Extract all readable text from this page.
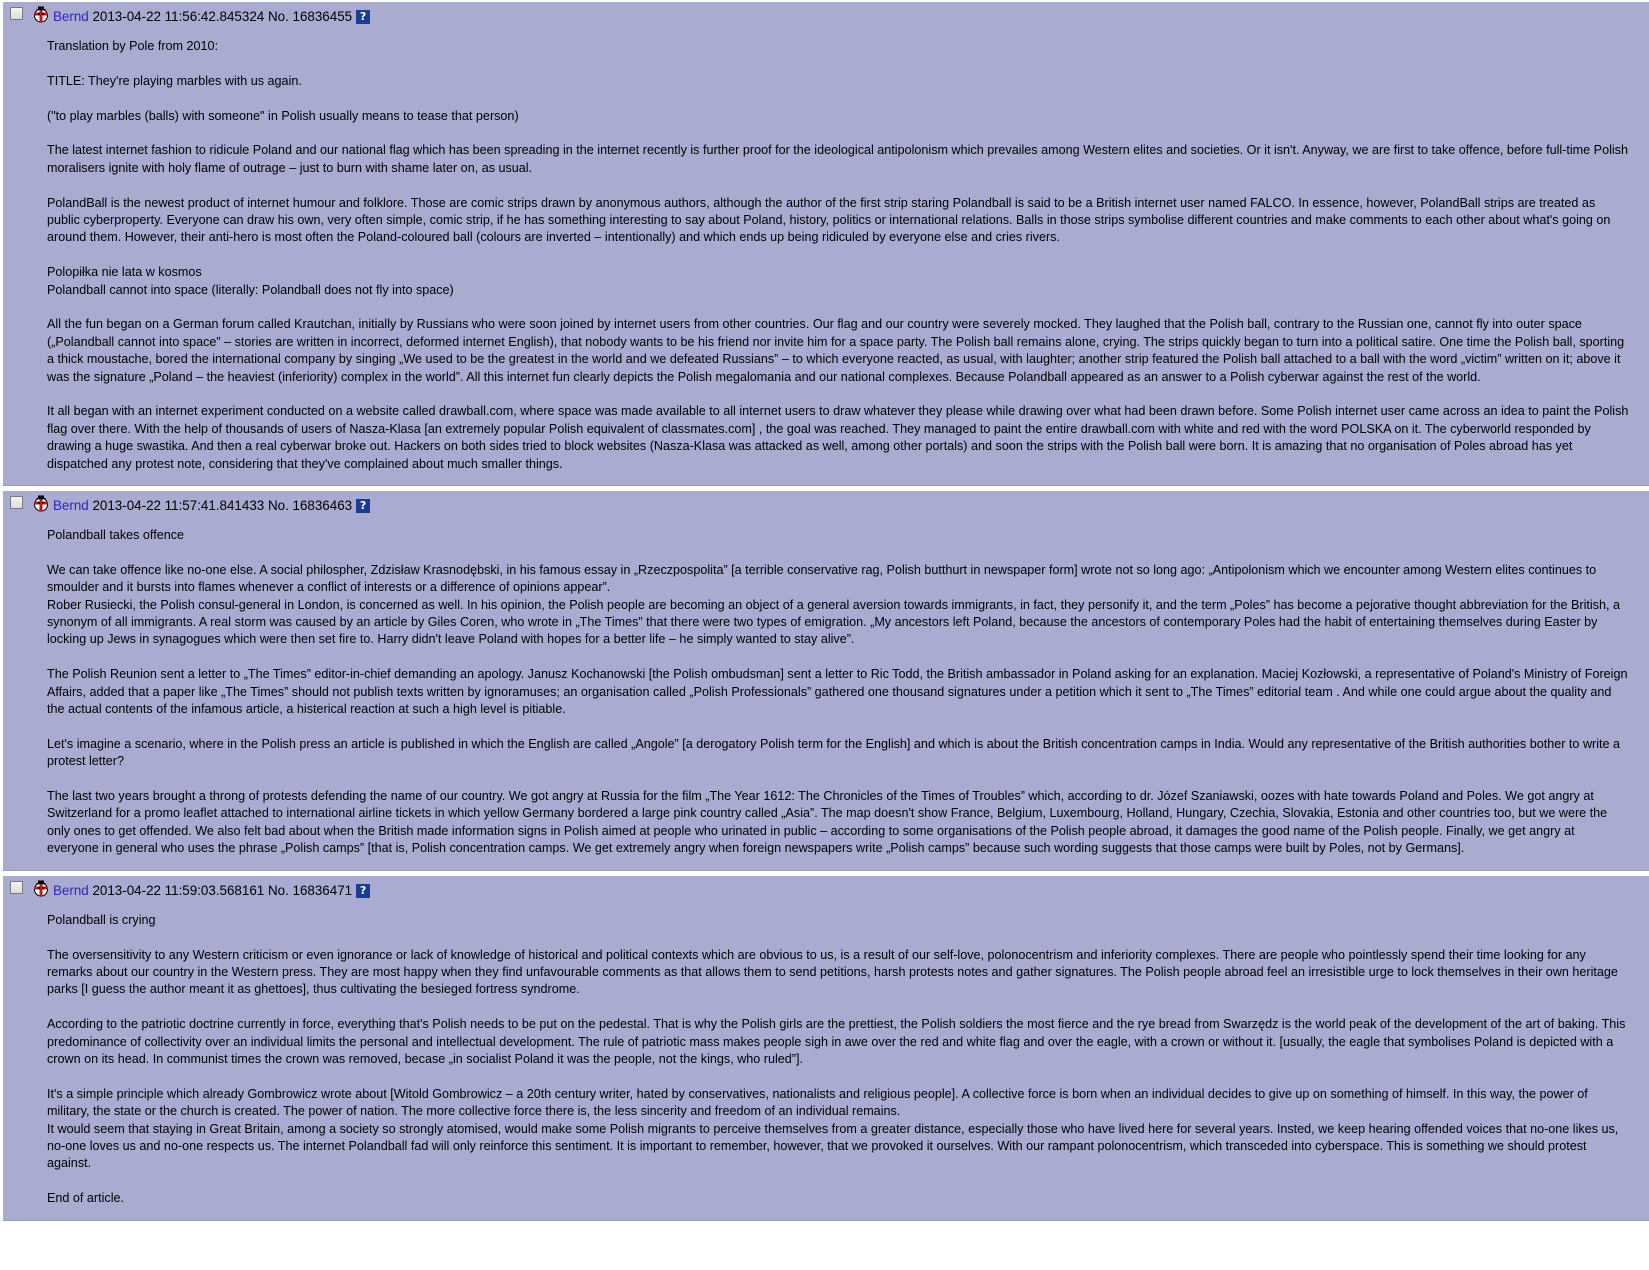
Bernd 2013-04-22 11:56:42.845324 No. 16836455 ?

Translation by Pole from 2010:

TITLE: They're playing marbles with us again.

("to play marbles (balls) with someone" in Polish usually means to tease that person)

The latest internet fashion to ridicule Poland and our national flag which has been spreading in the internet recently is further proof for the ideological antipolonism which prevailes among Western elites and societies. Or it isn't. Anyway, we are first to take offence, before full-time Polish moralisers ignite with holy flame of outrage – just to burn with shame later on, as usual.

PolandBall is the newest product of internet humour and folklore. Those are comic strips drawn by anonymous authors, although the author of the first strip staring Polandball is said to be a British internet user named FALCO. In essence, however, PolandBall strips are treated as public cyberproperty. Everyone can draw his own, very often simple, comic strip, if he has something interesting to say about Poland, history, politics or international relations. Balls in those strips symbolise different countries and make comments to each other about what's going on around them. However, their anti-hero is most often the Poland-coloured ball (colours are inverted – intentionally) and which ends up being ridiculed by everyone else and cries rivers.

Polopiłka nie lata w kosmos
Polandball cannot into space (literally: Polandball does not fly into space)

All the fun began on a German forum called Krautchan, initially by Russians who were soon joined by internet users from other countries. Our flag and our country were severely mocked. They laughed that the Polish ball, contrary to the Russian one, cannot fly into outer space („Polandball cannot into space” – stories are written in incorrect, deformed internet English), that nobody wants to be his friend nor invite him for a space party. The Polish ball remains alone, crying. The strips quickly began to turn into a political satire. One time the Polish ball, sporting a thick moustache, bored the international company by singing „We used to be the greatest in the world and we defeated Russians” – to which everyone reacted, as usual, with laughter; another strip featured the Polish ball attached to a ball with the word „victim” written on it; above it was the signature „Poland – the heaviest (inferiority) complex in the world”. All this internet fun clearly depicts the Polish megalomania and our national complexes. Because Polandball appeared as an answer to a Polish cyberwar against the rest of the world.

It all began with an internet experiment conducted on a website called drawball.com, where space was made available to all internet users to draw whatever they please while drawing over what had been drawn before. Some Polish internet user came across an idea to paint the Polish flag over there. With the help of thousands of users of Nasza-Klasa [an extremely popular Polish equivalent of classmates.com] , the goal was reached. They managed to paint the entire drawball.com with white and red with the word POLSKA on it. The cyberworld responded by drawing a huge swastika. And then a real cyberwar broke out. Hackers on both sides tried to block websites (Nasza-Klasa was attacked as well, among other portals) and soon the strips with the Polish ball were born. It is amazing that no organisation of Poles abroad has yet dispatched any protest note, considering that they've complained about much smaller things.

Bernd 2013-04-22 11:57:41.841433 No. 16836463 ?

Polandball takes offence

We can take offence like no-one else. A social philospher, Zdzisław Krasnodębski, in his famous essay in „Rzeczpospolita” [a terrible conservative rag, Polish butthurt in newspaper form] wrote not so long ago: „Antipolonism which we encounter among Western elites continues to smoulder and it bursts into flames whenever a conflict of interests or a difference of opinions appear”.
Rober Rusiecki, the Polish consul-general in London, is concerned as well. In his opinion, the Polish people are becoming an object of a general aversion towards immigrants, in fact, they personify it, and the term „Poles” has become a pejorative thought abbreviation for the British, a synonym of all immigrants. A real storm was caused by an article by Giles Coren, who wrote in „The Times” that there were two types of emigration. „My ancestors left Poland, because the ancestors of contemporary Poles had the habit of entertaining themselves during Easter by locking up Jews in synagogues which were then set fire to. Harry didn't leave Poland with hopes for a better life – he simply wanted to stay alive”.

The Polish Reunion sent a letter to „The Times” editor-in-chief demanding an apology. Janusz Kochanowski [the Polish ombudsman] sent a letter to Ric Todd, the British ambassador in Poland asking for an explanation. Maciej Kozłowski, a representative of Poland's Ministry of Foreign Affairs, added that a paper like „The Times” should not publish texts written by ignoramuses; an organisation called „Polish Professionals” gathered one thousand signatures under a petition which it sent to „The Times” editorial team . And while one could argue about the quality and the actual contents of the infamous article, a histerical reaction at such a high level is pitiable.

Let's imagine a scenario, where in the Polish press an article is published in which the English are called „Angole” [a derogatory Polish term for the English] and which is about the British concentration camps in India. Would any representative of the British authorities bother to write a protest letter?

The last two years brought a throng of protests defending the name of our country. We got angry at Russia for the film „The Year 1612: The Chronicles of the Times of Troubles” which, according to dr. Józef Szaniawski, oozes with hate towards Poland and Poles. We got angry at Switzerland for a promo leaflet attached to international airline tickets in which yellow Germany bordered a large pink country called „Asia”. The map doesn't show France, Belgium, Luxembourg, Holland, Hungary, Czechia, Slovakia, Estonia and other countries too, but we were the only ones to get offended. We also felt bad about when the British made information signs in Polish aimed at people who urinated in public – according to some organisations of the Polish people abroad, it damages the good name of the Polish people. Finally, we get angry at everyone in general who uses the phrase „Polish camps” [that is, Polish concentration camps. We get extremely angry when foreign newspapers write „Polish camps” because such wording suggests that those camps were built by Poles, not by Germans].

Bernd 2013-04-22 11:59:03.568161 No. 16836471 ?

Polandball is crying

The oversensitivity to any Western criticism or even ignorance or lack of knowledge of historical and political contexts which are obvious to us, is a result of our self-love, polonocentrism and inferiority complexes. There are people who pointlessly spend their time looking for any remarks about our country in the Western press. They are most happy when they find unfavourable comments as that allows them to send petitions, harsh protests notes and gather signatures. The Polish people abroad feel an irresistible urge to lock themselves in their own heritage parks [I guess the author meant it as ghettoes], thus cultivating the besieged fortress syndrome.

According to the patriotic doctrine currently in force, everything that's Polish needs to be put on the pedestal. That is why the Polish girls are the prettiest, the Polish soldiers the most fierce and the rye bread from Swarzędz is the world peak of the development of the art of baking. This predominance of collectivity over an individual limits the personal and intellectual development. The rule of patriotic mass makes people sigh in awe over the red and white flag and over the eagle, with a crown or without it. [usually, the eagle that symbolises Poland is depicted with a crown on its head. In communist times the crown was removed, becase „in socialist Poland it was the people, not the kings, who ruled”].

It's a simple principle which already Gombrowicz wrote about [Witold Gombrowicz – a 20th century writer, hated by conservatives, nationalists and religious people]. A collective force is born when an individual decides to give up on something of himself. In this way, the power of military, the state or the church is created. The power of nation. The more collective force there is, the less sincerity and freedom of an individual remains.
It would seem that staying in Great Britain, among a society so strongly atomised, would make some Polish migrants to perceive themselves from a greater distance, especially those who have lived here for several years. Insted, we keep hearing offended voices that no-one likes us, no-one loves us and no-one respects us. The internet Polandball fad will only reinforce this sentiment. It is important to remember, however, that we provoked it ourselves. With our rampant polonocentrism, which transceded into cyberspace. This is something we should protest against.

End of article.
